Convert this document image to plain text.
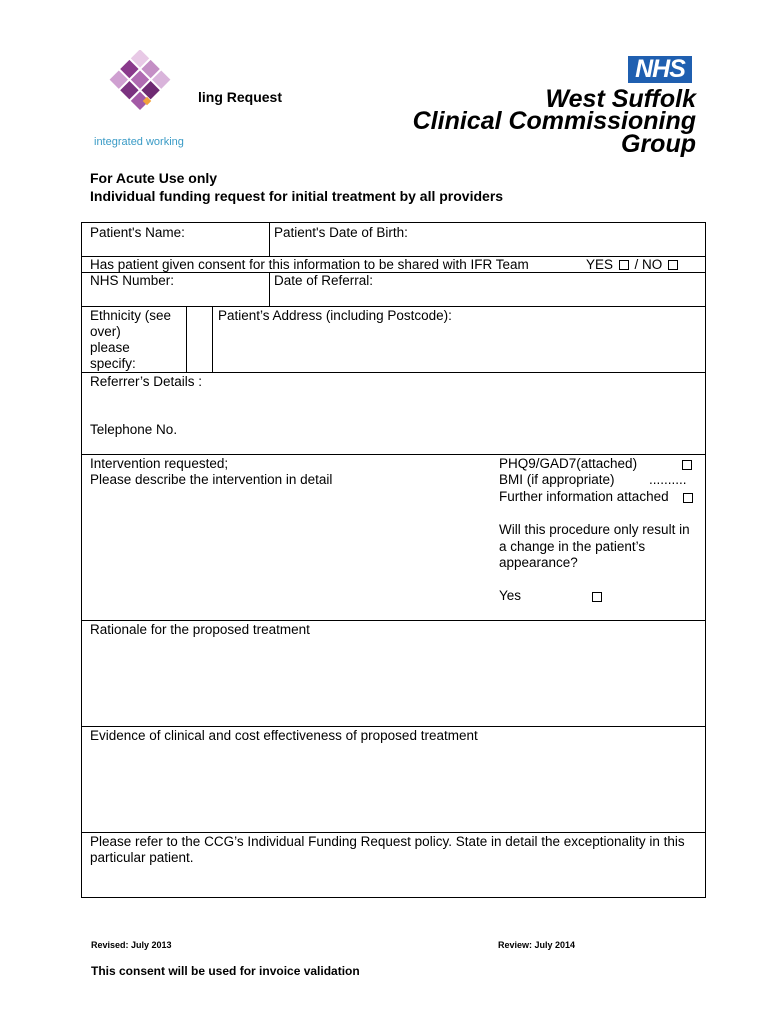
integrated working
ling Request
NHS
West Suffolk
Clinical Commissioning
Group
For Acute Use only
Individual funding request for initial treatment by all providers
Patient's Name:	Patient's Date of Birth:
Has patient given consent for this information to be shared with IFR Team	YES / NO
NHS Number:	Date of Referral:
Ethnicity (see
over)
please
specify:
Patient’s Address (including Postcode):
Referrer’s Details :
Telephone No.
Intervention requested;
Please describe the intervention in detail
PHQ9/GAD7(attached)
BMI (if appropriate)	..........
Further information attached
Will this procedure only result in
a change in the patient’s
appearance?
Yes
Rationale for the proposed treatment
Evidence of clinical and cost effectiveness of proposed treatment
Please refer to the CCG’s Individual Funding Request policy. State in detail the exceptionality in this
particular patient.
Revised: July 2013	Review: July 2014
This consent will be used for invoice validation
